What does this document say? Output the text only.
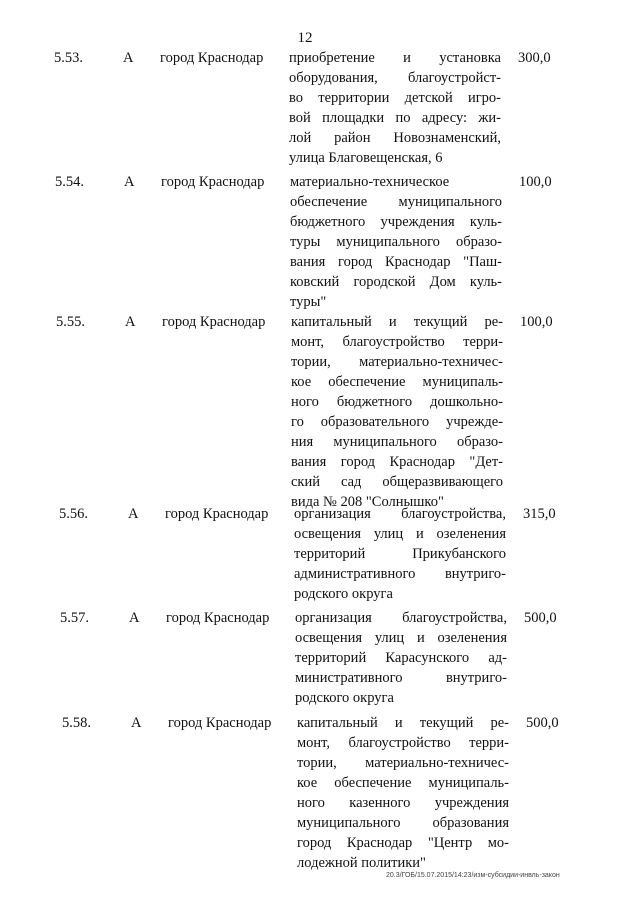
12
5.53.	А	город Краснодар	приобретение и установка
оборудования, благоустройст-
во территории детской игро-
вой площадки по адресу: жи-
лой район Новознаменский,
улица Благовещенская, 6
300,0
5.54.	А	город Краснодар	материально-техническое
обеспечение муниципального
бюджетного учреждения куль-
туры муниципального образо-
вания город Краснодар "Паш-
ковский городской Дом куль-
туры"
100,0
5.55.	А	город Краснодар	капитальный и текущий ре-
монт, благоустройство терри-
тории, материально-техничес-
кое обеспечение муниципаль-
ного бюджетного дошкольно-
го образовательного учрежде-
ния муниципального образо-
вания город Краснодар "Дет-
ский сад общеразвивающего
вида № 208 "Солнышко"
100,0
5.56.	А	город Краснодар	организация благоустройства,
освещения улиц и озеленения
территорий Прикубанского
административного внутриго-
родского округа
315,0
5.57.	А	город Краснодар	организация благоустройства,
освещения улиц и озеленения
территорий Карасунского ад-
министративного внутриго-
родского округа
500,0
5.58.	А	город Краснодар	капитальный и текущий ре-
монт, благоустройство терри-
тории, материально-техничес-
кое обеспечение муниципаль-
ного казенного учреждения
муниципального образования
город Краснодар "Центр мо-
лодежной политики"
500,0
20.3/ГОБ/15.07.2015/14:23/изм-субсидии-инвль-закон
